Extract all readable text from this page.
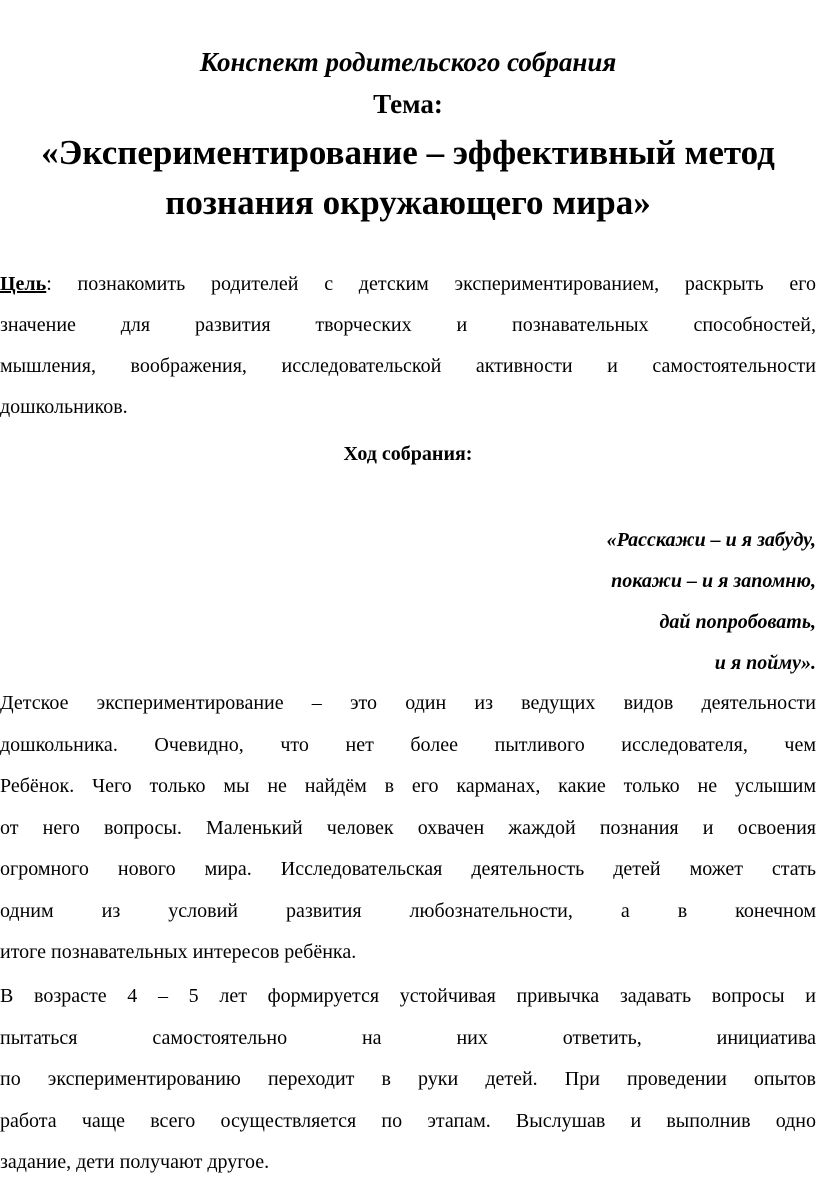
Конспект родительского собрания
Тема:
«Экспериментирование – эффективный метод
познания окружающего мира»
Цель: познакомить родителей с детским экспериментированием, раскрыть его
значение для развития творческих и познавательных способностей,
мышления, воображения, исследовательской активности и самостоятельности
дошкольников.
Ход собрания:
«Расскажи – и я забуду,
покажи – и я запомню,
дай попробовать,
и я пойму».
Детское экспериментирование – это один из ведущих видов деятельности
дошкольника. Очевидно, что нет более пытливого исследователя, чем
Ребёнок. Чего только мы не найдём в его карманах, какие только не услышим
от него вопросы. Маленький человек охвачен жаждой познания и освоения
огромного нового мира. Исследовательская деятельность детей может стать
одним из условий развития любознательности, а в конечном
итоге познавательных интересов ребёнка.
В возрасте 4 – 5 лет формируется устойчивая привычка задавать вопросы и
пытаться самостоятельно на них ответить, инициатива
по экспериментированию переходит в руки детей. При проведении опытов
работа чаще всего осуществляется по этапам. Выслушав и выполнив одно
задание, дети получают другое.
